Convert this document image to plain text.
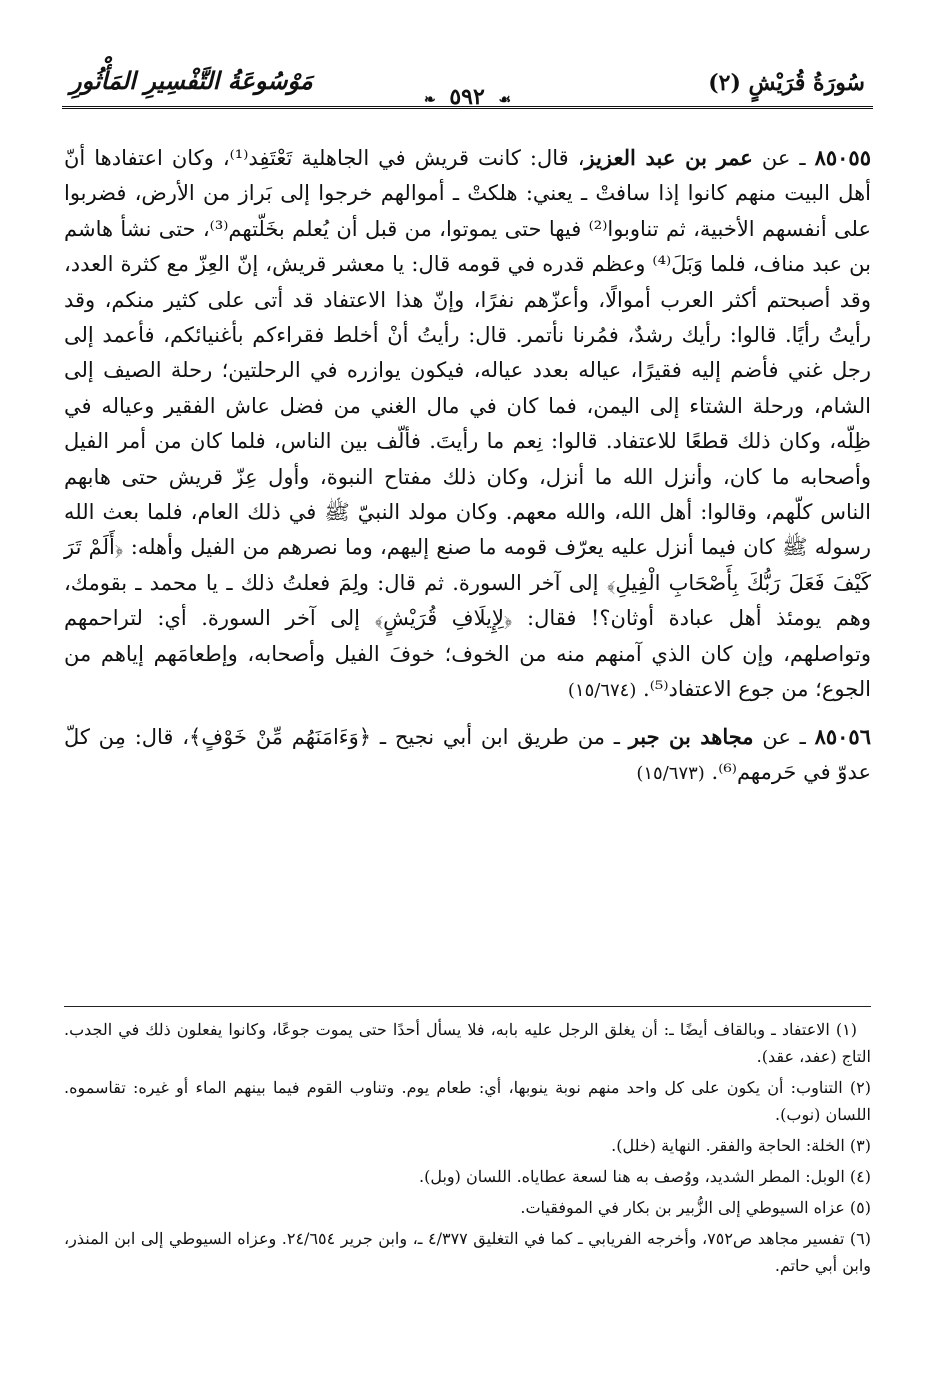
سُورَةُ قُرَيْشٍ (٢)
☙ ٥٩٢ ❧
مَوْسُوعَةُ التَّفْسِيرِ المَأْثُورِ

٨٥٠٥٥ ـ عن عمر بن عبد العزيز، قال: كانت قريش في الجاهلية تَعْتَفِد⁽¹⁾، وكان اعتفادها أنّ أهل البيت منهم كانوا إذا سافتْ ـ يعني: هلكتْ ـ أموالهم خرجوا إلى بَراز من الأرض، فضربوا على أنفسهم الأخبية، ثم تناوبوا⁽²⁾ فيها حتى يموتوا، من قبل أن يُعلم بخَلّتهم⁽³⁾، حتى نشأ هاشم بن عبد مناف، فلما وَبَلَ⁽⁴⁾ وعظم قدره في قومه قال: يا معشر قريش، إنّ العِزّ مع كثرة العدد، وقد أصبحتم أكثر العرب أموالًا، وأعزّهم نفرًا، وإنّ هذا الاعتفاد قد أتى على كثير منكم، وقد رأيتُ رأيًا. قالوا: رأيك رشدٌ، فمُرنا نأتمر. قال: رأيتُ أنْ أخلط فقراءكم بأغنيائكم، فأعمد إلى رجل غني فأضم إليه فقيرًا، عياله بعدد عياله، فيكون يوازره في الرحلتين؛ رحلة الصيف إلى الشام، ورحلة الشتاء إلى اليمن، فما كان في مال الغني من فضل عاش الفقير وعياله في ظِلّه، وكان ذلك قطعًا للاعتفاد. قالوا: نِعم ما رأيتَ. فألّف بين الناس، فلما كان من أمر الفيل وأصحابه ما كان، وأنزل الله ما أنزل، وكان ذلك مفتاح النبوة، وأول عِزّ قريش حتى هابهم الناس كلّهم، وقالوا: أهل الله، والله معهم. وكان مولد النبيّ ﷺ في ذلك العام، فلما بعث الله رسوله ﷺ كان فيما أنزل عليه يعرّف قومه ما صنع إليهم، وما نصرهم من الفيل وأهله: ﴿أَلَمْ تَرَ كَيْفَ فَعَلَ رَبُّكَ بِأَصْحَابِ الْفِيلِ﴾ إلى آخر السورة. ثم قال: ولِمَ فعلتُ ذلك ـ يا محمد ـ بقومك، وهم يومئذ أهل عبادة أوثان؟! فقال: ﴿لِإِيلَافِ قُرَيْشٍ﴾ إلى آخر السورة. أي: لتراحمهم وتواصلهم، وإن كان الذي آمنهم منه من الخوف؛ خوفَ الفيل وأصحابه، وإطعامَهم إياهم من الجوع؛ من جوع الاعتفاد⁽⁵⁾. (١٥/٦٧٤)

٨٥٠٥٦ ـ عن مجاهد بن جبر ـ من طريق ابن أبي نجيح ـ ﴿وَءَامَنَهُم مِّنْ خَوْفٍ﴾، قال: مِن كلّ عدوّ في حَرمهم⁽⁶⁾. (١٥/٦٧٣)

(١) الاعتفاد ـ وبالقاف أيضًا ـ: أن يغلق الرجل عليه بابه، فلا يسأل أحدًا حتى يموت جوعًا، وكانوا يفعلون ذلك في الجدب. التاج (عفد، عقد).

(٢) التناوب: أن يكون على كل واحد منهم نوبة ينوبها، أي: طعام يوم. وتناوب القوم فيما بينهم الماء أو غيره: تقاسموه. اللسان (نوب).

(٣) الخلة: الحاجة والفقر. النهاية (خلل).

(٤) الوبل: المطر الشديد، ووُصف به هنا لسعة عطاياه. اللسان (وبل).

(٥) عزاه السيوطي إلى الزُّبير بن بكار في الموفقيات.

(٦) تفسير مجاهد ص٧٥٢، وأخرجه الفريابي ـ كما في التغليق ٤/٣٧٧ ـ، وابن جرير ٢٤/٦٥٤. وعزاه السيوطي إلى ابن المنذر، وابن أبي حاتم.
